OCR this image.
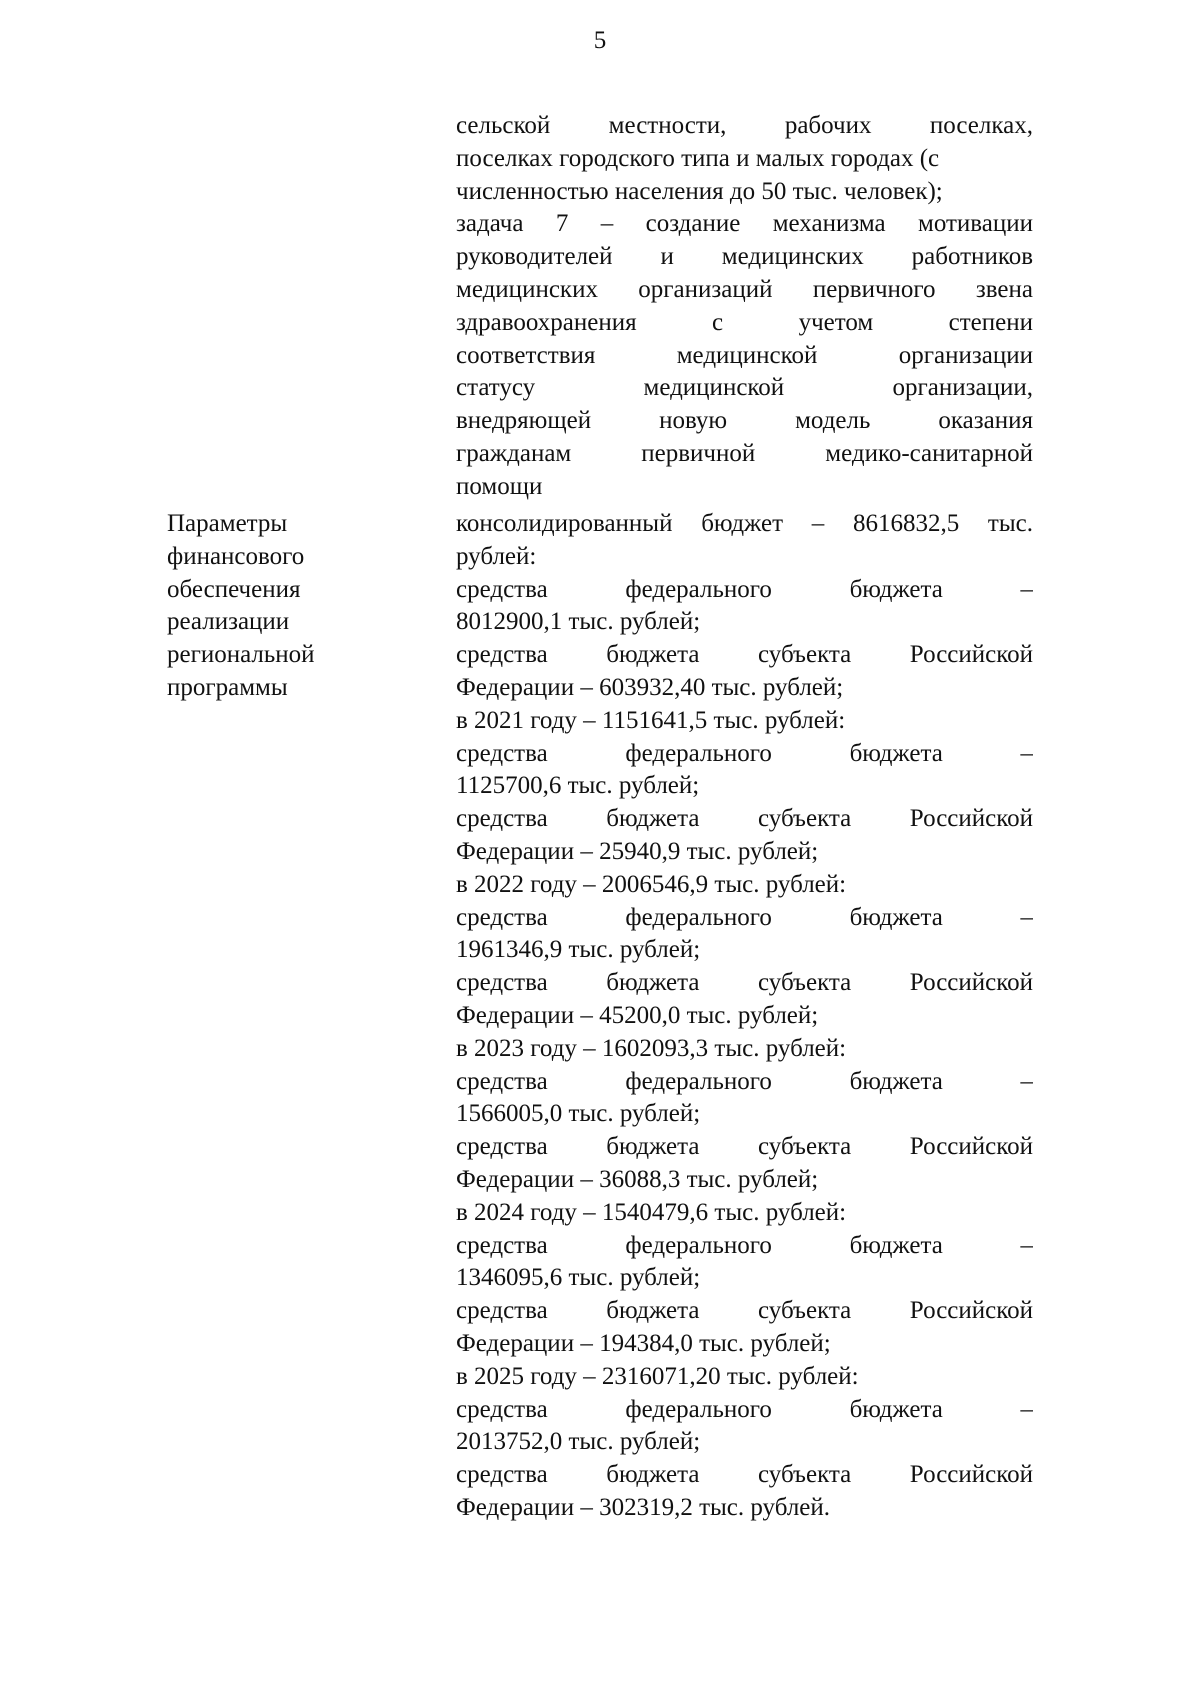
5
сельской местности, рабочих поселках,
поселках городского типа и малых городах (с
численностью населения до 50 тыс. человек);
задача 7 – создание механизма мотивации
руководителей и медицинских работников
медицинских организаций первичного звена
здравоохранения с учетом степени
соответствия медицинской организации
статусу медицинской организации,
внедряющей новую модель оказания
гражданам первичной медико-санитарной
помощи
Параметры
финансового
обеспечения
реализации
региональной
программы
консолидированный бюджет – 8616832,5 тыс.
рублей:
средства федерального бюджета –
8012900,1 тыс. рублей;
средства бюджета субъекта Российской
Федерации – 603932,40 тыс. рублей;
в 2021 году – 1151641,5 тыс. рублей:
средства федерального бюджета –
1125700,6 тыс. рублей;
средства бюджета субъекта Российской
Федерации – 25940,9 тыс. рублей;
в 2022 году – 2006546,9 тыс. рублей:
средства федерального бюджета –
1961346,9 тыс. рублей;
средства бюджета субъекта Российской
Федерации – 45200,0 тыс. рублей;
в 2023 году – 1602093,3 тыс. рублей:
средства федерального бюджета –
1566005,0 тыс. рублей;
средства бюджета субъекта Российской
Федерации – 36088,3 тыс. рублей;
в 2024 году – 1540479,6 тыс. рублей:
средства федерального бюджета –
1346095,6 тыс. рублей;
средства бюджета субъекта Российской
Федерации – 194384,0 тыс. рублей;
в 2025 году – 2316071,20 тыс. рублей:
средства федерального бюджета –
2013752,0 тыс. рублей;
средства бюджета субъекта Российской
Федерации – 302319,2 тыс. рублей.
